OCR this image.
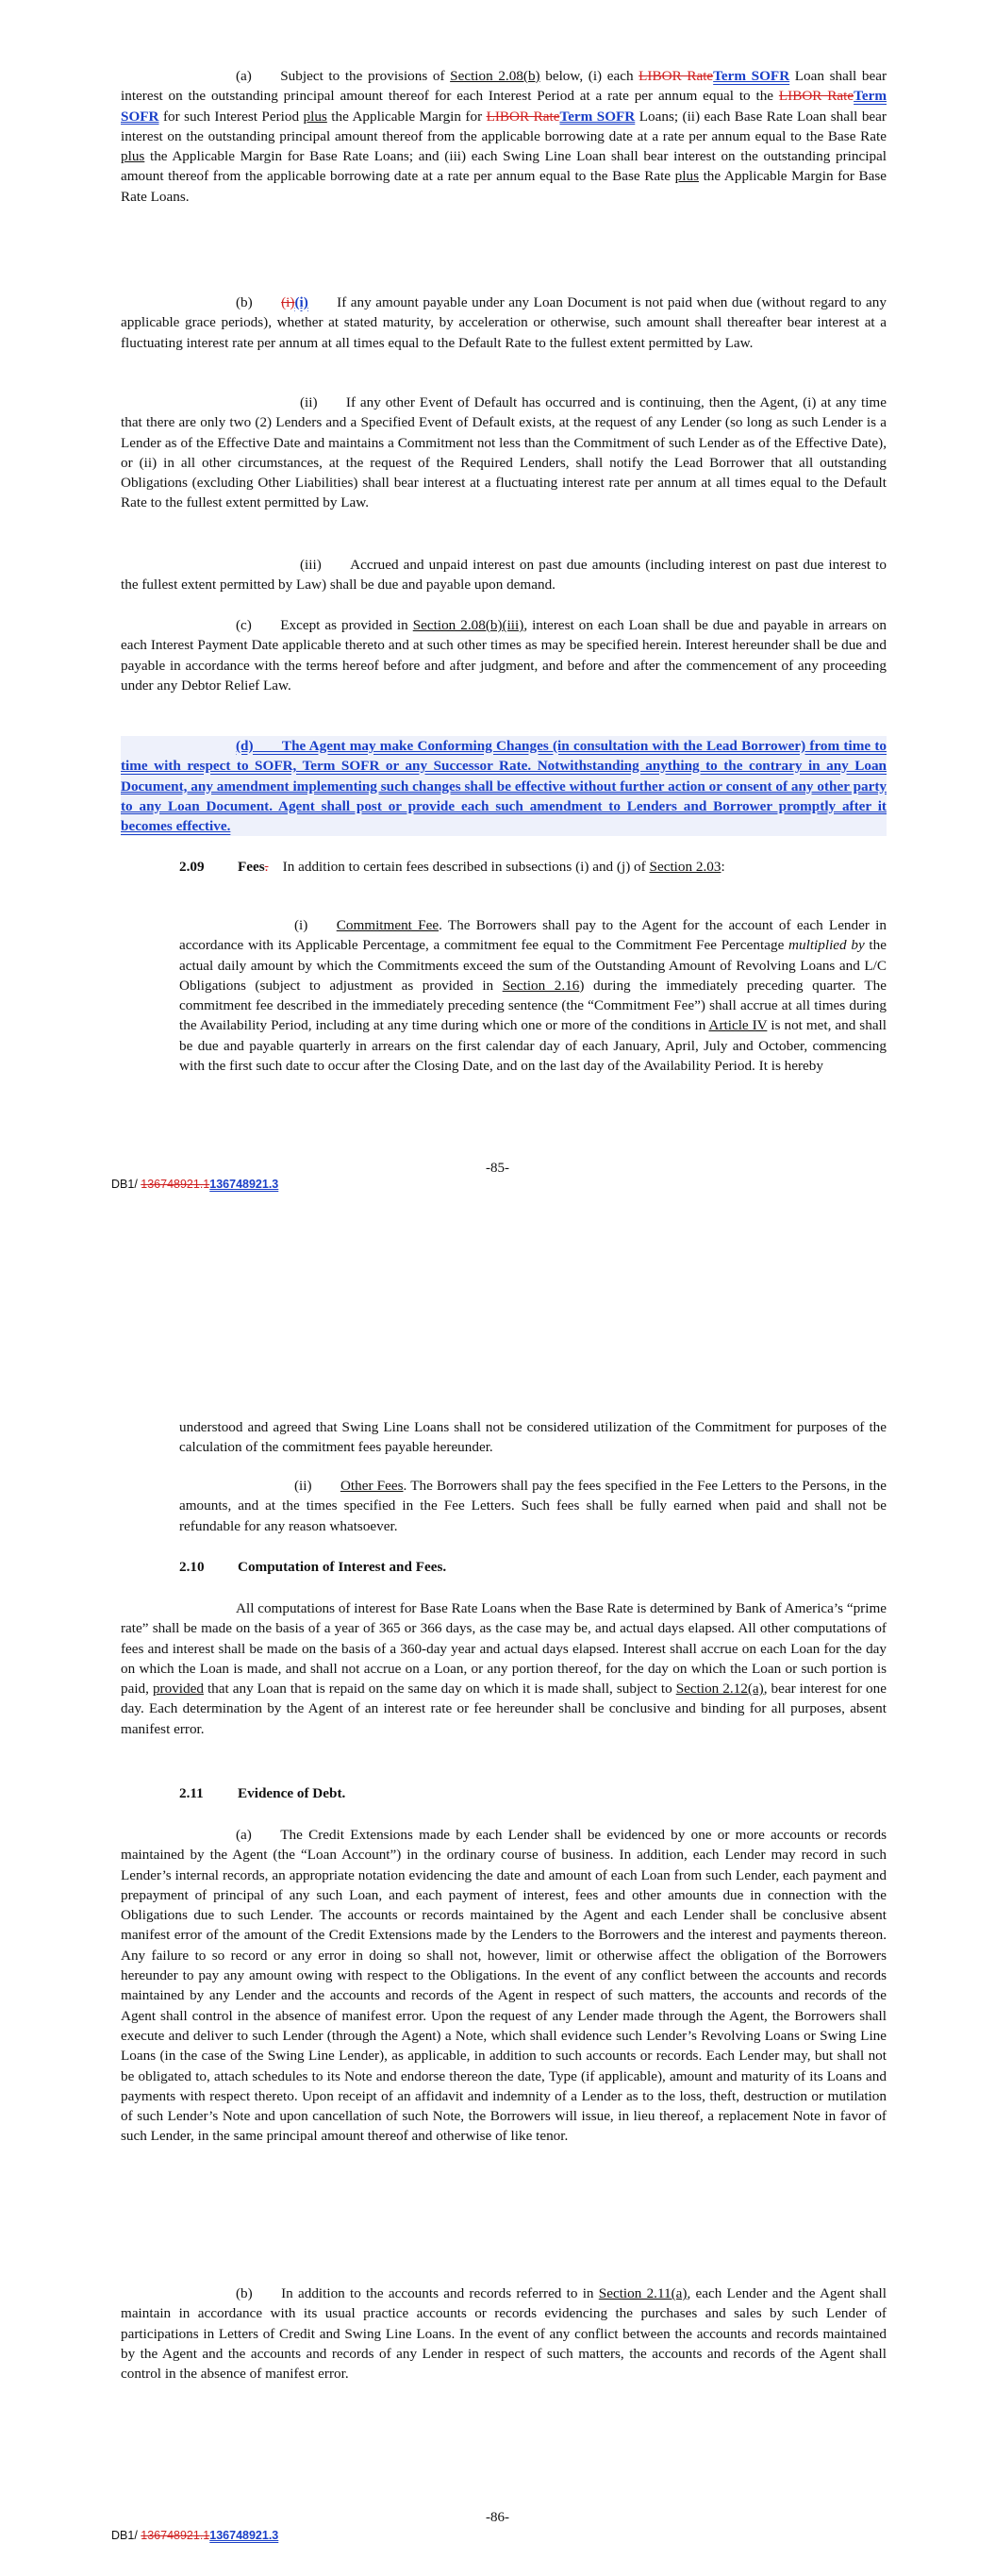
(a)  Subject to the provisions of Section 2.08(b) below, (i) each LIBOR RateTerm SOFR Loan shall bear interest on the outstanding principal amount thereof for each Interest Period at a rate per annum equal to the LIBOR RateTerm SOFR for such Interest Period plus the Applicable Margin for LIBOR RateTerm SOFR Loans; (ii) each Base Rate Loan shall bear interest on the outstanding principal amount thereof from the applicable borrowing date at a rate per annum equal to the Base Rate plus the Applicable Margin for Base Rate Loans; and (iii) each Swing Line Loan shall bear interest on the outstanding principal amount thereof from the applicable borrowing date at a rate per annum equal to the Base Rate plus the Applicable Margin for Base Rate Loans.
(b)  (i)(i)  If any amount payable under any Loan Document is not paid when due (without regard to any applicable grace periods), whether at stated maturity, by acceleration or otherwise, such amount shall thereafter bear interest at a fluctuating interest rate per annum at all times equal to the Default Rate to the fullest extent permitted by Law.
(ii)  If any other Event of Default has occurred and is continuing, then the Agent, (i) at any time that there are only two (2) Lenders and a Specified Event of Default exists, at the request of any Lender (so long as such Lender is a Lender as of the Effective Date and maintains a Commitment not less than the Commitment of such Lender as of the Effective Date), or (ii) in all other circumstances, at the request of the Required Lenders, shall notify the Lead Borrower that all outstanding Obligations (excluding Other Liabilities) shall bear interest at a fluctuating interest rate per annum at all times equal to the Default Rate to the fullest extent permitted by Law.
(iii)  Accrued and unpaid interest on past due amounts (including interest on past due interest to the fullest extent permitted by Law) shall be due and payable upon demand.
(c)  Except as provided in Section 2.08(b)(iii), interest on each Loan shall be due and payable in arrears on each Interest Payment Date applicable thereto and at such other times as may be specified herein. Interest hereunder shall be due and payable in accordance with the terms hereof before and after judgment, and before and after the commencement of any proceeding under any Debtor Relief Law.
(d)  The Agent may make Conforming Changes (in consultation with the Lead Borrower) from time to time with respect to SOFR, Term SOFR or any Successor Rate. Notwithstanding anything to the contrary in any Loan Document, any amendment implementing such changes shall be effective without further action or consent of any other party to any Loan Document. Agent shall post or provide each such amendment to Lenders and Borrower promptly after it becomes effective.
2.09 Fees. In addition to certain fees described in subsections (i) and (j) of Section 2.03:
(i)  Commitment Fee. The Borrowers shall pay to the Agent for the account of each Lender in accordance with its Applicable Percentage, a commitment fee equal to the Commitment Fee Percentage multiplied by the actual daily amount by which the Commitments exceed the sum of the Outstanding Amount of Revolving Loans and L/C Obligations (subject to adjustment as provided in Section 2.16) during the immediately preceding quarter. The commitment fee described in the immediately preceding sentence (the “Commitment Fee”) shall accrue at all times during the Availability Period, including at any time during which one or more of the conditions in Article IV is not met, and shall be due and payable quarterly in arrears on the first calendar day of each January, April, July and October, commencing with the first such date to occur after the Closing Date, and on the last day of the Availability Period. It is hereby
-85-
DB1/ 136748921.1136748921.3
understood and agreed that Swing Line Loans shall not be considered utilization of the Commitment for purposes of the calculation of the commitment fees payable hereunder.
(ii)  Other Fees. The Borrowers shall pay the fees specified in the Fee Letters to the Persons, in the amounts, and at the times specified in the Fee Letters. Such fees shall be fully earned when paid and shall not be refundable for any reason whatsoever.
2.10 Computation of Interest and Fees.
All computations of interest for Base Rate Loans when the Base Rate is determined by Bank of America’s “prime rate” shall be made on the basis of a year of 365 or 366 days, as the case may be, and actual days elapsed. All other computations of fees and interest shall be made on the basis of a 360-day year and actual days elapsed. Interest shall accrue on each Loan for the day on which the Loan is made, and shall not accrue on a Loan, or any portion thereof, for the day on which the Loan or such portion is paid, provided that any Loan that is repaid on the same day on which it is made shall, subject to Section 2.12(a), bear interest for one day. Each determination by the Agent of an interest rate or fee hereunder shall be conclusive and binding for all purposes, absent manifest error.
2.11 Evidence of Debt.
(a)  The Credit Extensions made by each Lender shall be evidenced by one or more accounts or records maintained by the Agent (the “Loan Account”) in the ordinary course of business. In addition, each Lender may record in such Lender’s internal records, an appropriate notation evidencing the date and amount of each Loan from such Lender, each payment and prepayment of principal of any such Loan, and each payment of interest, fees and other amounts due in connection with the Obligations due to such Lender. The accounts or records maintained by the Agent and each Lender shall be conclusive absent manifest error of the amount of the Credit Extensions made by the Lenders to the Borrowers and the interest and payments thereon. Any failure to so record or any error in doing so shall not, however, limit or otherwise affect the obligation of the Borrowers hereunder to pay any amount owing with respect to the Obligations. In the event of any conflict between the accounts and records maintained by any Lender and the accounts and records of the Agent in respect of such matters, the accounts and records of the Agent shall control in the absence of manifest error. Upon the request of any Lender made through the Agent, the Borrowers shall execute and deliver to such Lender (through the Agent) a Note, which shall evidence such Lender’s Revolving Loans or Swing Line Loans (in the case of the Swing Line Lender), as applicable, in addition to such accounts or records. Each Lender may, but shall not be obligated to, attach schedules to its Note and endorse thereon the date, Type (if applicable), amount and maturity of its Loans and payments with respect thereto. Upon receipt of an affidavit and indemnity of a Lender as to the loss, theft, destruction or mutilation of such Lender’s Note and upon cancellation of such Note, the Borrowers will issue, in lieu thereof, a replacement Note in favor of such Lender, in the same principal amount thereof and otherwise of like tenor.
(b)  In addition to the accounts and records referred to in Section 2.11(a), each Lender and the Agent shall maintain in accordance with its usual practice accounts or records evidencing the purchases and sales by such Lender of participations in Letters of Credit and Swing Line Loans. In the event of any conflict between the accounts and records maintained by the Agent and the accounts and records of any Lender in respect of such matters, the accounts and records of the Agent shall control in the absence of manifest error.
-86-
DB1/ 136748921.1136748921.3
